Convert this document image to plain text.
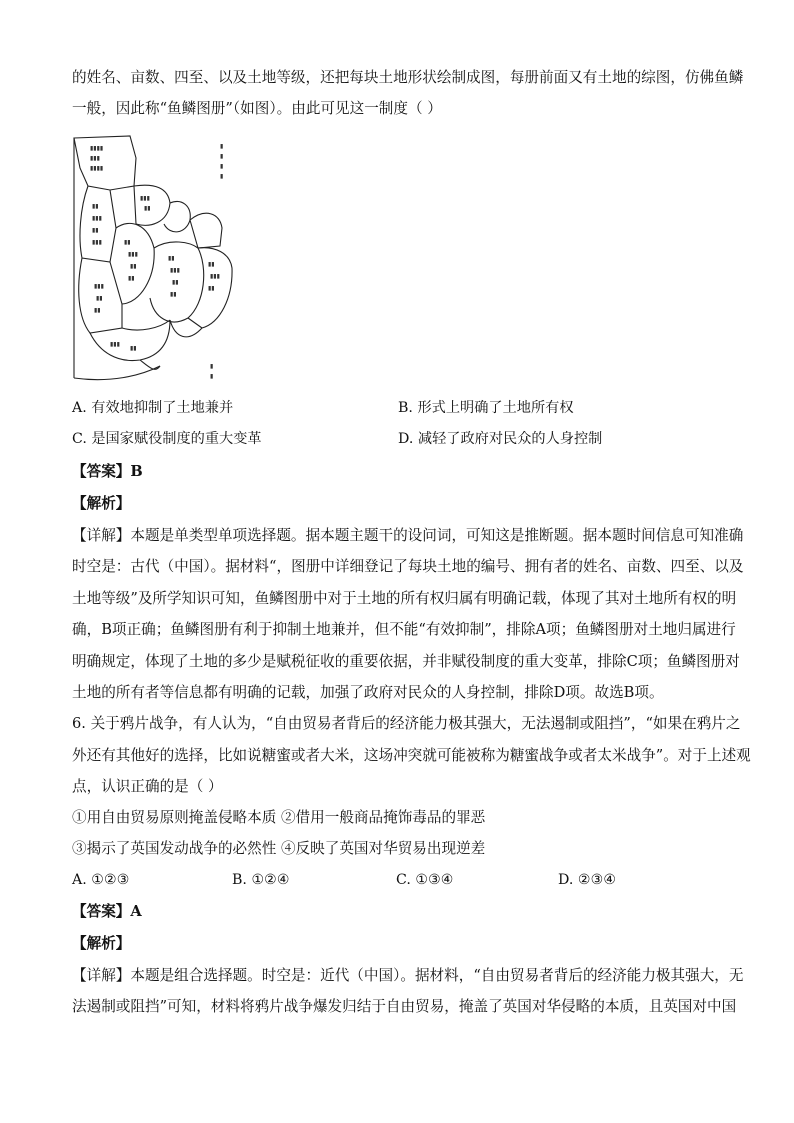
的姓名、亩数、四至、以及土地等级，还把每块土地形状绘制成图，每册前面又有土地的综图，仿佛鱼鳞
一般，因此称“鱼鳞图册”（如图）。由此可见这一制度（ ）
▮▮▮▮
▮▮▮
▮▮▮▮
▮▮▮
▮▮
▮▮
▮▮▮
▮▮
▮▮▮	▮▮
▮▮▮
▮▮
▮▮
▮▮
▮▮▮
▮▮
▮▮
▮▮
▮▮▮
▮▮
▮▮▮
▮▮
▮▮
▮▮▮
▮▮
▮
▮
▮
▮
▮
▮
A. 有效地抑制了土地兼并	B. 形式上明确了土地所有权
C. 是国家赋役制度的重大变革	D. 减轻了政府对民众的人身控制
【答案】B
【解析】
【详解】本题是单类型单项选择题。据本题主题干的设问词，可知这是推断题。据本题时间信息可知准确
时空是：古代（中国）。据材料“，图册中详细登记了每块土地的编号、拥有者的姓名、亩数、四至、以及
土地等级”及所学知识可知，鱼鳞图册中对于土地的所有权归属有明确记载，体现了其对土地所有权的明
确，B项正确；鱼鳞图册有利于抑制土地兼并，但不能“有效抑制”，排除A项；鱼鳞图册对土地归属进行
明确规定，体现了土地的多少是赋税征收的重要依据，并非赋役制度的重大变革，排除C项；鱼鳞图册对
土地的所有者等信息都有明确的记载，加强了政府对民众的人身控制，排除D项。故选B项。
6. 关于鸦片战争，有人认为，“自由贸易者背后的经济能力极其强大，无法遏制或阻挡”，“如果在鸦片之
外还有其他好的选择，比如说糖蜜或者大米，这场冲突就可能被称为糖蜜战争或者太米战争”。对于上述观
点，认识正确的是（ ）
①用自由贸易原则掩盖侵略本质 ②借用一般商品掩饰毒品的罪恶
③揭示了英国发动战争的必然性 ④反映了英国对华贸易出现逆差
A. ①②③	B. ①②④	C. ①③④	D. ②③④
【答案】A
【解析】
【详解】本题是组合选择题。时空是：近代（中国）。据材料，“自由贸易者背后的经济能力极其强大，无
法遏制或阻挡”可知，材料将鸦片战争爆发归结于自由贸易，掩盖了英国对华侵略的本质，且英国对中国
